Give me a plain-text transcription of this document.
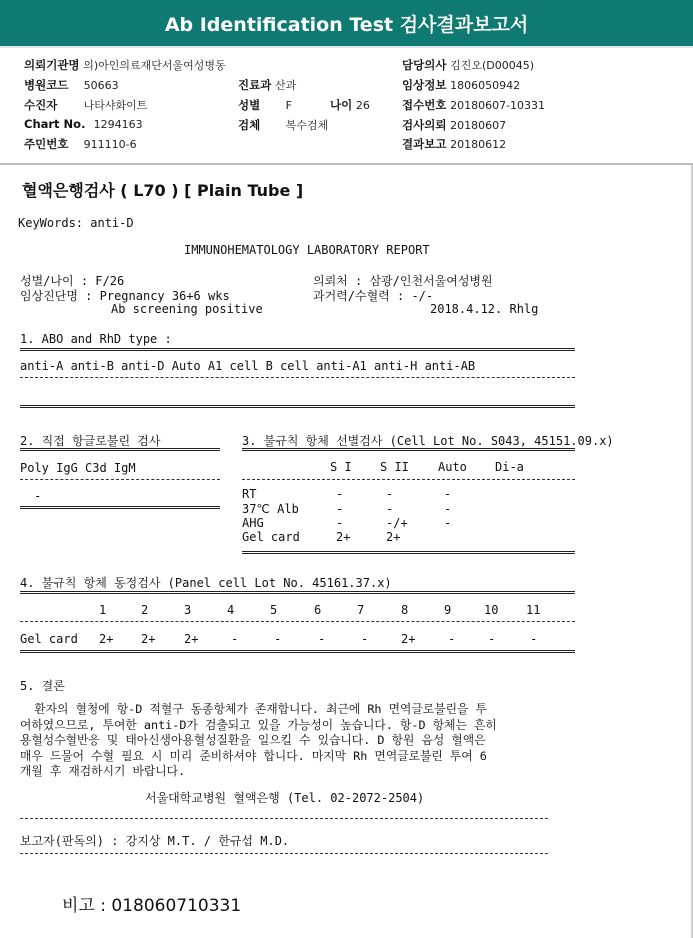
Ab Identification Test 검사결과보고서
의뢰기관명 의)아인의료재단서울여성병동	담당의사 김진오(D00045)
병원코드 50663	진료과 산과	임상정보 1806050942
수진자 나타샤화이트	성별 F	나이 26	접수번호 20180607-10331
Chart No. 1294163	검체 복수검체	검사의뢰 20180607
주민번호 911110-6	결과보고 20180612
혈액은행검사 ( L70 ) [ Plain Tube ]
KeyWords: anti-D
IMMUNOHEMATOLOGY LABORATORY REPORT
성별/나이 : F/26
임상진단명 : Pregnancy 36+6 wks
Ab screening positive
의뢰처 : 삼광/인천서울여성병원
과거력/수혈력 : -/-
2018.4.12. Rhlg
1. ABO and RhD type :
anti-A anti-B anti-D Auto A1 cell B cell anti-A1 anti-H anti-AB
2. 직접 항글로불린 검사
Poly IgG C3d IgM
-
3. 불규칙 항체 선별검사 (Cell Lot No. S043, 45151.09.x)
S I S II Auto Di-a
RT	-	-	-
37℃ Alb	-	-	-
AHG	-	-/+	-
Gel card	2+	2+
4. 불규칙 항체 동정검사 (Panel cell Lot No. 45161.37.x)
1	2	3	4	5	6	7	8	9	10 11
Gel card 2+ 2+ 2+	-	-	-	-	2+	-	-	-
5. 결론
환자의 혈청에 항-D 적혈구 동종항체가 존재합니다. 최근에 Rh 면역글로불린을 투
여하였으므로, 투여한 anti-D가 검출되고 있을 가능성이 높습니다. 항-D 항체는 흔히
용혈성수혈반응 및 태아신생아용혈성질환을 일으킬 수 있습니다. D 항원 음성 혈액은
매우 드물어 수혈 필요 시 미리 준비하셔야 합니다. 마지막 Rh 면역글로불린 투여 6
개월 후 재검하시기 바랍니다.
서울대학교병원 혈액은행 (Tel. 02-2072-2504)
보고자(판독의) : 강지상 M.T. / 한규섭 M.D.
비고 : 018060710331
